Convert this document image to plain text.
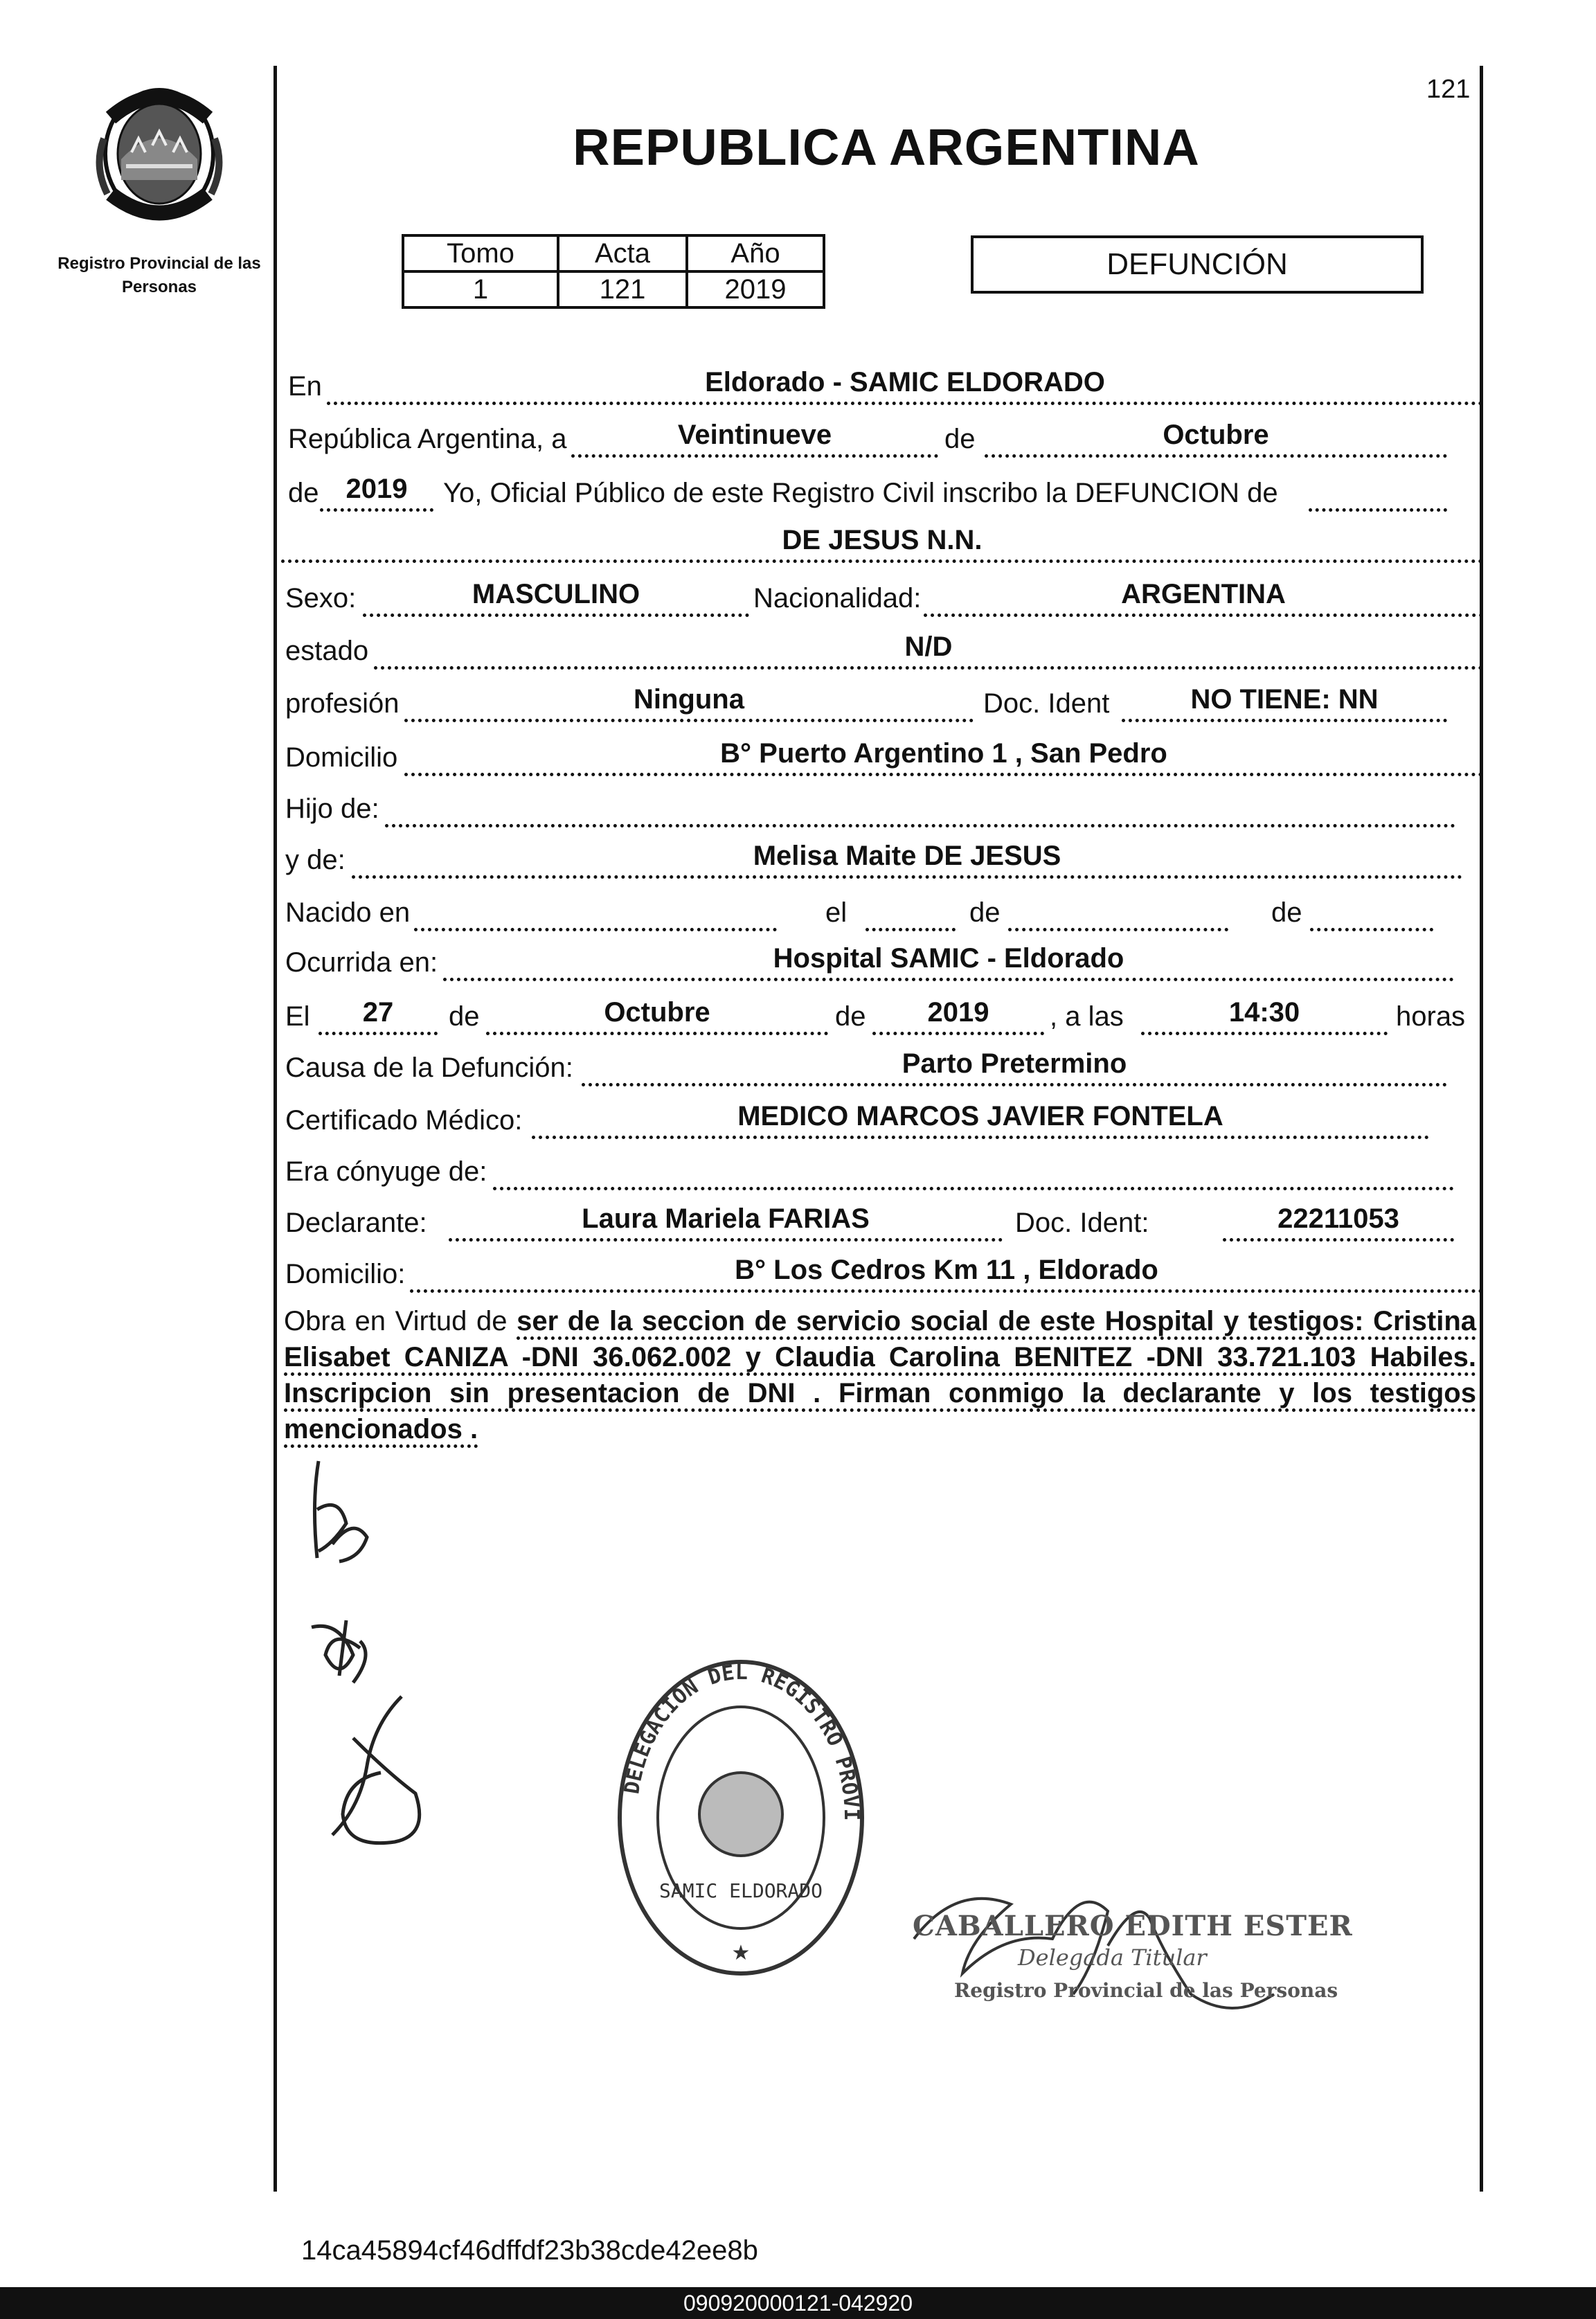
Registro Provincial de las Personas
121
REPUBLICA ARGENTINA
Tomo	Acta	Año
1	121	2019
DEFUNCIÓN
En	Eldorado - SAMIC ELDORADO
República Argentina, a	Veintinueve	de	Octubre
de 2019	Yo, Oficial Público de este Registro Civil inscribo la DEFUNCION de
DE JESUS N.N.
Sexo:	MASCULINO	Nacionalidad:	ARGENTINA
estado	N/D
profesión	Ninguna	Doc. Ident	NO TIENE: NN
Domicilio	B° Puerto Argentino 1 , San Pedro
Hijo de:
y de:	Melisa Maite DE JESUS
Nacido en	el	de	de
Ocurrida en:	Hospital SAMIC - Eldorado
El	27	de	Octubre	de	2019	, a las	14:30	horas
Causa de la Defunción:	Parto Pretermino
Certificado Médico:	MEDICO MARCOS JAVIER FONTELA
Era cónyuge de:
Declarante:	Laura Mariela FARIAS	Doc. Ident:	22211053
Domicilio:	B° Los Cedros Km 11 , Eldorado
Obra en Virtud de ser de la seccion de servicio social de este Hospital y testigos: Cristina
Elisabet CANIZA -DNI 36.062.002 y Claudia Carolina BENITEZ -DNI 33.721.103 Habiles.
Inscripcion sin presentacion de DNI . Firman conmigo la declarante y los testigos
mencionados .
DELEGACION DEL REGISTRO PROVI
SAMIC ELDORADO
★
CABALLERO EDITH ESTER
Delegada Titular
Registro Provincial de las Personas
14ca45894cf46dffdf23b38cde42ee8b
090920000121-042920
